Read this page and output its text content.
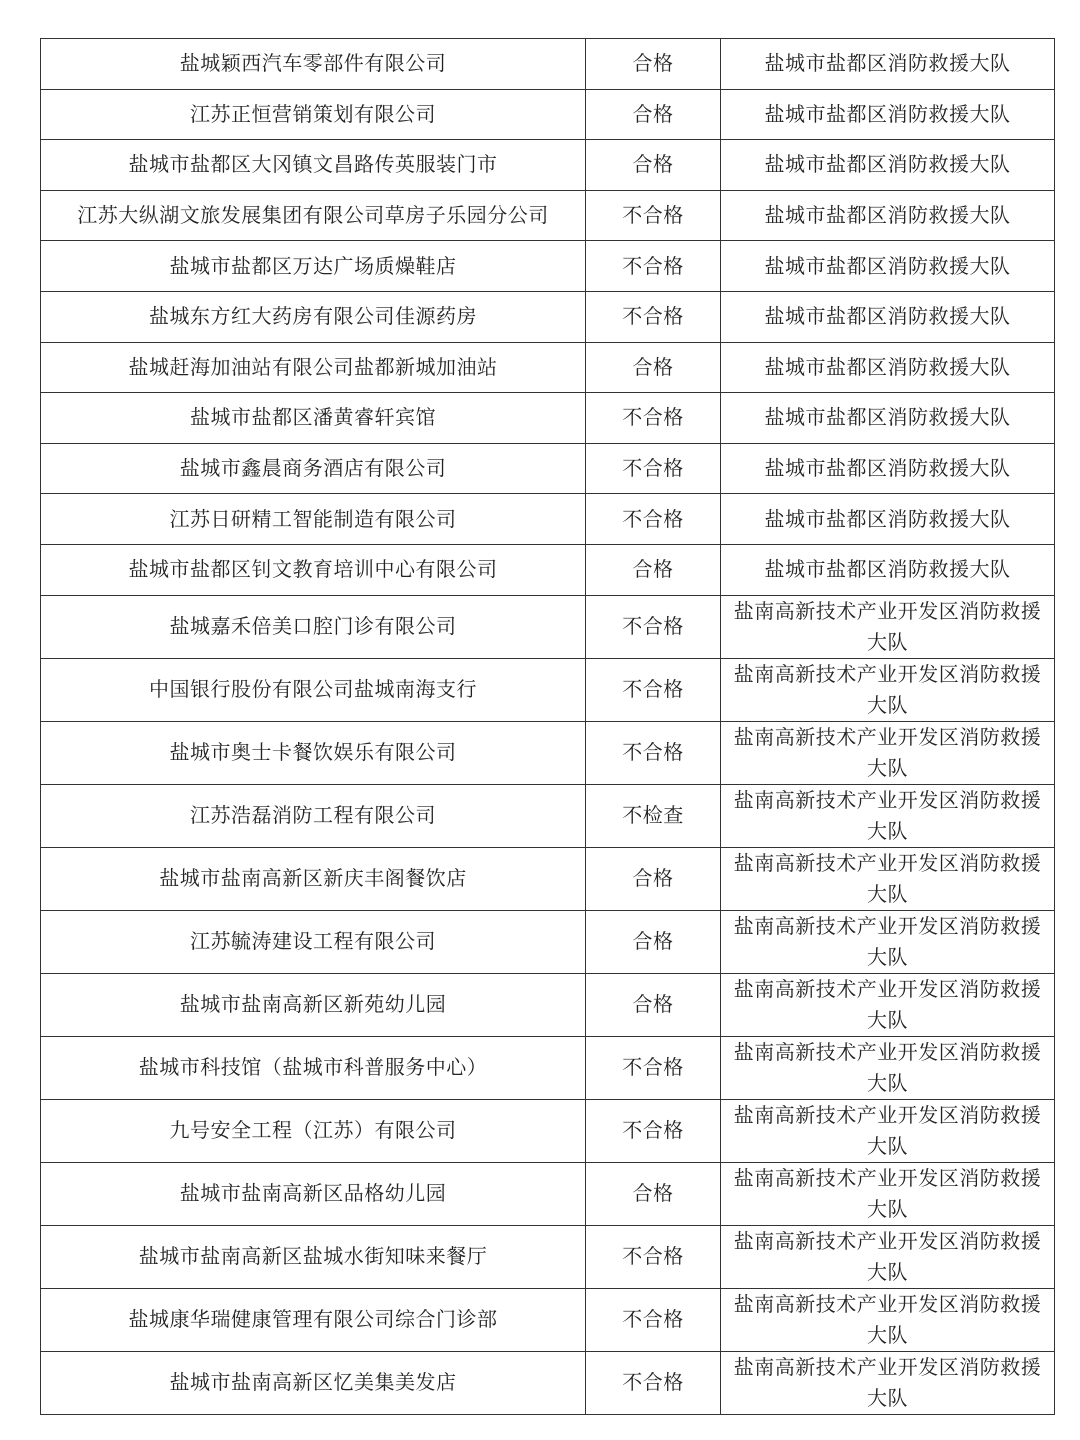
盐城颖西汽车零部件有限公司	合格	盐城市盐都区消防救援大队
江苏正恒营销策划有限公司	合格	盐城市盐都区消防救援大队
盐城市盐都区大冈镇文昌路传英服装门市	合格	盐城市盐都区消防救援大队
江苏大纵湖文旅发展集团有限公司草房子乐园分公司	不合格	盐城市盐都区消防救援大队
盐城市盐都区万达广场质燥鞋店	不合格	盐城市盐都区消防救援大队
盐城东方红大药房有限公司佳源药房	不合格	盐城市盐都区消防救援大队
盐城赶海加油站有限公司盐都新城加油站	合格	盐城市盐都区消防救援大队
盐城市盐都区潘黄睿轩宾馆	不合格	盐城市盐都区消防救援大队
盐城市鑫晨商务酒店有限公司	不合格	盐城市盐都区消防救援大队
江苏日研精工智能制造有限公司	不合格	盐城市盐都区消防救援大队
盐城市盐都区钊文教育培训中心有限公司	合格	盐城市盐都区消防救援大队
盐城嘉禾倍美口腔门诊有限公司	不合格	盐南高新技术产业开发区消防救援大队
中国银行股份有限公司盐城南海支行	不合格	盐南高新技术产业开发区消防救援大队
盐城市奥士卡餐饮娱乐有限公司	不合格	盐南高新技术产业开发区消防救援大队
江苏浩磊消防工程有限公司	不检查	盐南高新技术产业开发区消防救援大队
盐城市盐南高新区新庆丰阁餐饮店	合格	盐南高新技术产业开发区消防救援大队
江苏毓涛建设工程有限公司	合格	盐南高新技术产业开发区消防救援大队
盐城市盐南高新区新苑幼儿园	合格	盐南高新技术产业开发区消防救援大队
盐城市科技馆（盐城市科普服务中心）	不合格	盐南高新技术产业开发区消防救援大队
九号安全工程（江苏）有限公司	不合格	盐南高新技术产业开发区消防救援大队
盐城市盐南高新区品格幼儿园	合格	盐南高新技术产业开发区消防救援大队
盐城市盐南高新区盐城水街知味来餐厅	不合格	盐南高新技术产业开发区消防救援大队
盐城康华瑞健康管理有限公司综合门诊部	不合格	盐南高新技术产业开发区消防救援大队
盐城市盐南高新区忆美集美发店	不合格	盐南高新技术产业开发区消防救援大队
